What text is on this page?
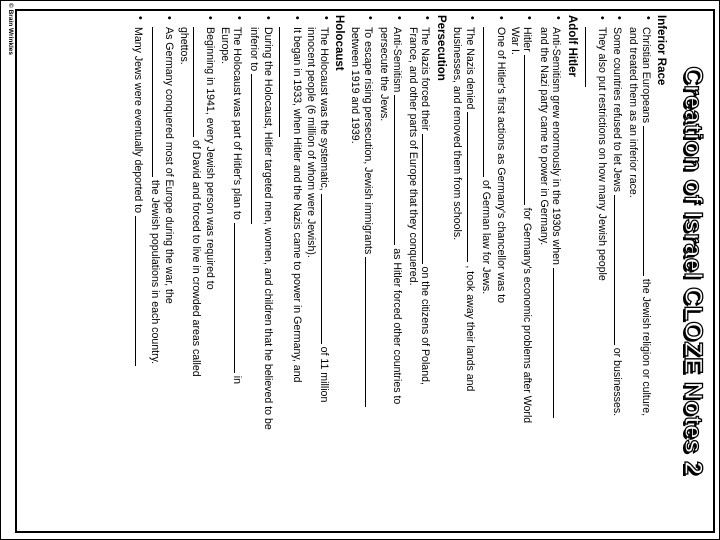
© Brain Wrinkles
Creation of Israel CLOZE Notes 2
Inferior Race
• Christian Europeans  the Jewish religion or culture,
and treated them as an inferior race.
• Some countries refused to let Jews  or businesses.
• They also put restrictions on how many Jewish people

Adolf Hitler
• Anti-Semitism grew enormously in the 1930s when
and the Nazi party came to power in Germany.
• Hitler  for Germany's economic problems after World
War I.
• One of Hitler's first actions as Germany's chancellor was to
of German law for Jews.
• The Nazis denied  , took away their lands and
businesses, and removed them from schools.
Persecution
• The Nazis forced their  on the citizens of Poland,
France, and other parts of Europe that they conquered.
• Anti-Semitism  as Hitler forced other countries to
persecute the Jews.
• To escape rising persecution, Jewish immigrants
between 1919 and 1939.
Holocaust
• The Holocaust was the systematic,  of 11 million
innocent people (6 million of whom were Jewish).
• It began in 1933, when Hitler and the Nazis came to power in Germany, and

• During the Holocaust, Hitler targeted men, women, and children that he believed to be
inferior to
• The Holocaust was part of Hitler's plan to  in
Europe.
• Beginning in 1941, every Jewish person was required to
of David and forced to live in crowded areas called
ghettos.
• As Germany conquered most of Europe during the war, the
the Jewish populations in each country.
• Many Jews were eventually deported to
